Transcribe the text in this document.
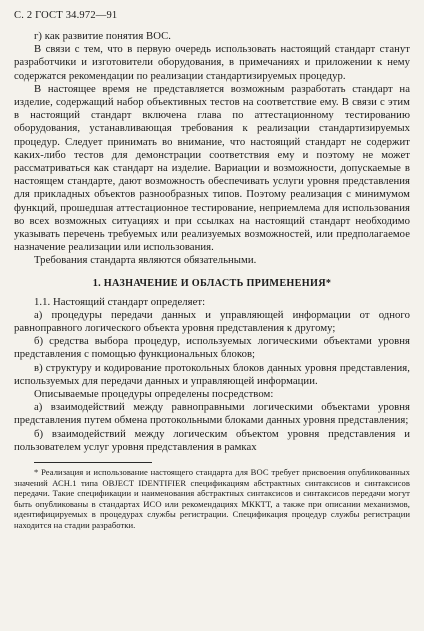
С. 2 ГОСТ 34.972—91

г) как развитие понятия ВОС.

В связи с тем, что в первую очередь использовать настоящий стандарт станут разработчики и изготовители оборудования, в примечаниях и приложении к нему содержатся рекомендации по реализации стандартизируемых процедур.

В настоящее время не представляется возможным разработать стандарт на изделие, содержащий набор объективных тестов на соответствие ему. В связи с этим в настоящий стандарт включена глава по аттестационному тестированию оборудования, устанавливающая требования к реализации стандартизируемых процедур. Следует принимать во внимание, что настоящий стандарт не содержит каких-либо тестов для демонстрации соответствия ему и поэтому не может рассматриваться как стандарт на изделие. Вариации и возможности, допускаемые в настоящем стандарте, дают возможность обеспечивать услуги уровня представления для прикладных объектов разнообразных типов. Поэтому реализация с минимумом функций, прошедшая аттестационное тестирование, неприемлема для использования во всех возможных ситуациях и при ссылках на настоящий стандарт необходимо указывать перечень требуемых или реализуемых возможностей, или предполагаемое назначение реализации или использования.

Требования стандарта являются обязательными.

1. НАЗНАЧЕНИЕ И ОБЛАСТЬ ПРИМЕНЕНИЯ*

1.1. Настоящий стандарт определяет:

а) процедуры передачи данных и управляющей информации от одного равноправного логического объекта уровня представления к другому;

б) средства выбора процедур, используемых логическими объектами уровня представления с помощью функциональных блоков;

в) структуру и кодирование протокольных блоков данных уровня представления, используемых для передачи данных и управляющей информации.

Описываемые процедуры определены посредством:

а) взаимодействий между равноправными логическими объектами уровня представления путем обмена протокольными блоками данных уровня представления;

б) взаимодействий между логическим объектом уровня представления и пользователем услуг уровня представления в рамках

* Реализация и использование настоящего стандарта для ВОС требует присвоения опубликованных значений АСН.1 типа OBJECT IDENTIFIER спецификациям абстрактных синтаксисов и синтаксисов передачи. Такие спецификации и наименования абстрактных синтаксисов и синтаксисов передачи могут быть опубликованы в стандартах ИСО или рекомендациях МККТТ, а также при описании механизмов, идентифицируемых в процедурах службы регистрации. Спецификация процедур службы регистрации находится на стадии разработки.
